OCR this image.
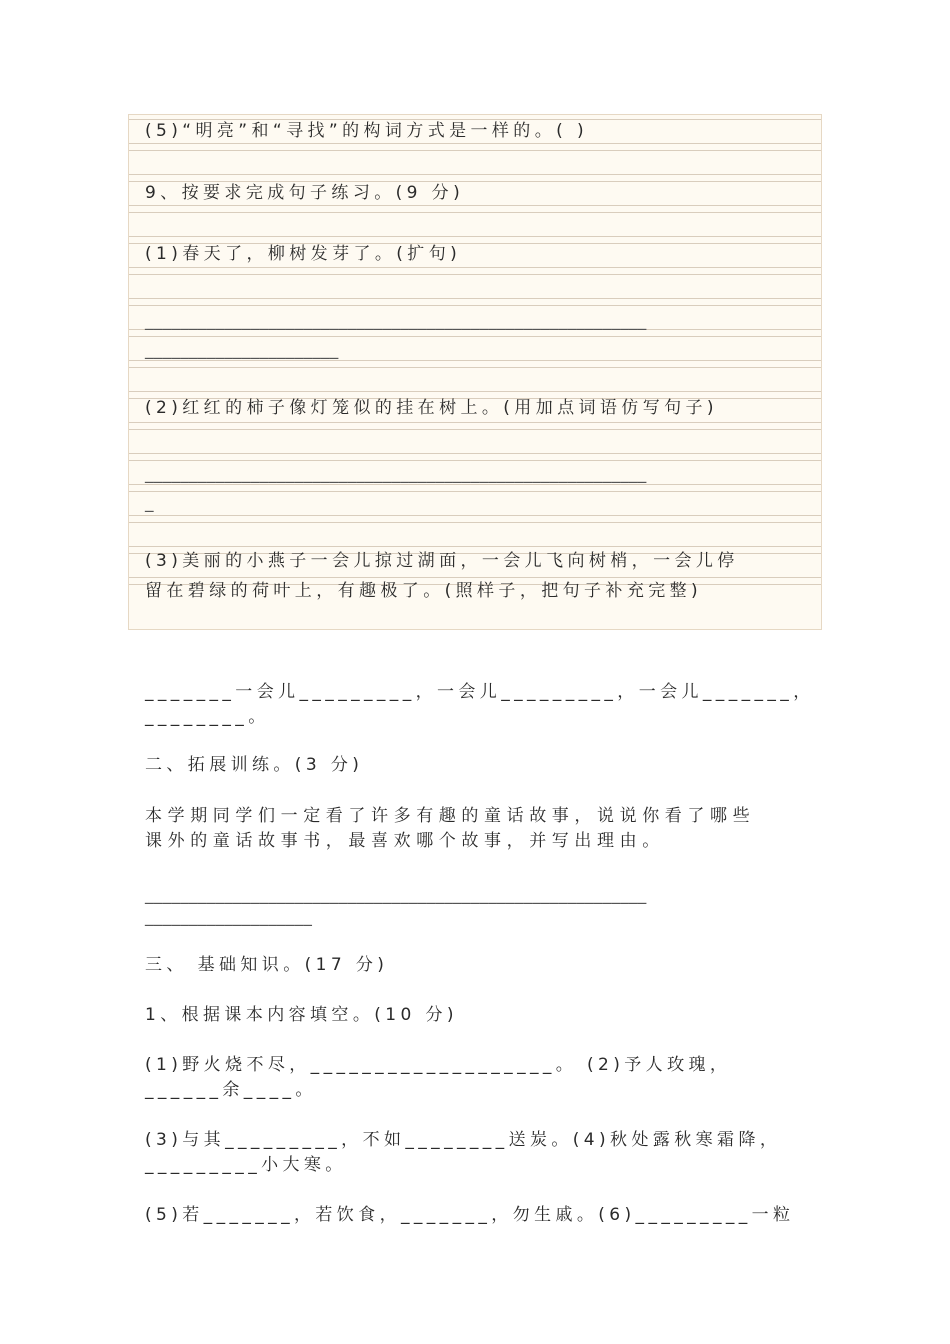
(5)“明亮”和“寻找”的构词方式是一样的。( )

9、按要求完成句子练习。(9 分)

(1)春天了，柳树发芽了。(扩句)

_________________________________________________________

______________________

(2)红红的柿子像灯笼似的挂在树上。(用加点词语仿写句子)

_________________________________________________________

_

(3)美丽的小燕子一会儿掠过湖面，一会儿飞向树梢，一会儿停

留在碧绿的荷叶上，有趣极了。(照样子，把句子补充完整)

_______一会儿_________，一会儿_________，一会儿_______，

________。

二、拓展训练。(3 分)

本学期同学们一定看了许多有趣的童话故事，说说你看了哪些

课外的童话故事书，最喜欢哪个故事，并写出理由。

_________________________________________________________

___________________

三、 基础知识。(17 分)

1、根据课本内容填空。(10 分)

(1)野火烧不尽，___________________。 (2)予人玫瑰，

______余____。

(3)与其_________，不如________送炭。(4)秋处露秋寒霜降，

_________小大寒。

(5)若_______，若饮食，_______，勿生戚。(6)_________一粒
